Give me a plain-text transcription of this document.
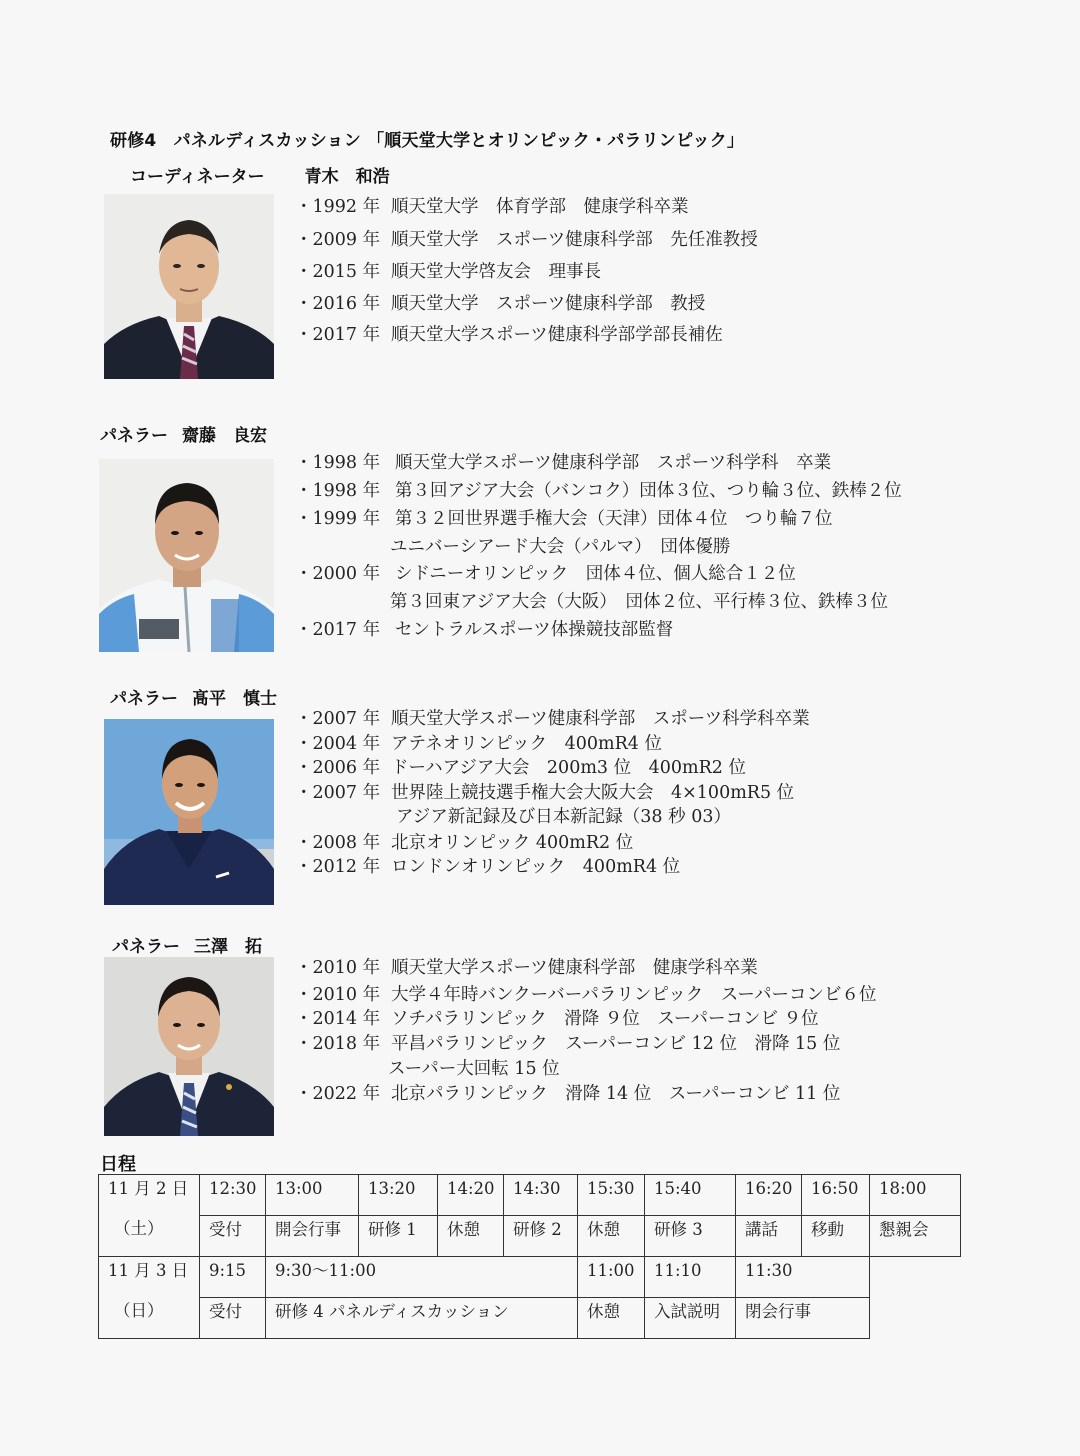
研修4　パネルディスカッション 「順天堂大学とオリンピック・パラリンピック」
コーディネーター 青木　和浩
・1992 年 順天堂大学　体育学部　健康学科卒業
・2009 年 順天堂大学　スポーツ健康科学部　先任准教授
・2015 年 順天堂大学啓友会　理事長
・2016 年 順天堂大学　スポーツ健康科学部　教授
・2017 年 順天堂大学スポーツ健康科学部学部長補佐
パネラー 齋藤　良宏
・1998 年 順天堂大学スポーツ健康科学部　スポーツ科学科　卒業
・1998 年 第３回アジア大会（バンコク）団体３位、つり輪３位、鉄棒２位
・1999 年 第３２回世界選手権大会（天津）団体４位　つり輪７位
ユニバーシアード大会（パルマ）　団体優勝
・2000 年 シドニーオリンピック　団体４位、個人総合１２位
第３回東アジア大会（大阪）　団体２位、平行棒３位、鉄棒３位
・2017 年 セントラルスポーツ体操競技部監督
パネラー 髙平　慎士
・2007 年 順天堂大学スポーツ健康科学部　スポーツ科学科卒業
・2004 年 アテネオリンピック　400mR4 位
・2006 年 ドーハアジア大会　200m3 位　400mR2 位
・2007 年 世界陸上競技選手権大会大阪大会　4×100mR5 位
アジア新記録及び日本新記録（38 秒 03）
・2008 年 北京オリンピック 400mR2 位
・2012 年 ロンドンオリンピック　400mR4 位
パネラー 三澤　拓
・2010 年 順天堂大学スポーツ健康科学部　健康学科卒業
・2010 年 大学４年時バンクーバーパラリンピック　スーパーコンビ６位
・2014 年 ソチパラリンピック　滑降 ９位　スーパーコンビ ９位
・2018 年 平昌パラリンピック　スーパーコンビ 12 位　滑降 15 位
スーパー大回転 15 位
・2022 年 北京パラリンピック　滑降 14 位　スーパーコンビ 11 位
日程
11 月 2 日
（土）	12:30	13:00	13:20	14:20	14:30	15:30	15:40	16:20	16:50	18:00
	受付	開会行事	研修 1	休憩	研修 2	休憩	研修 3	講話	移動	懇親会

11 月 3 日
（日）	9:15	9:30〜11:00				11:00	11:10	11:30		
	受付	研修 4 パネルディスカッション				休憩	入試説明	閉会行事		
